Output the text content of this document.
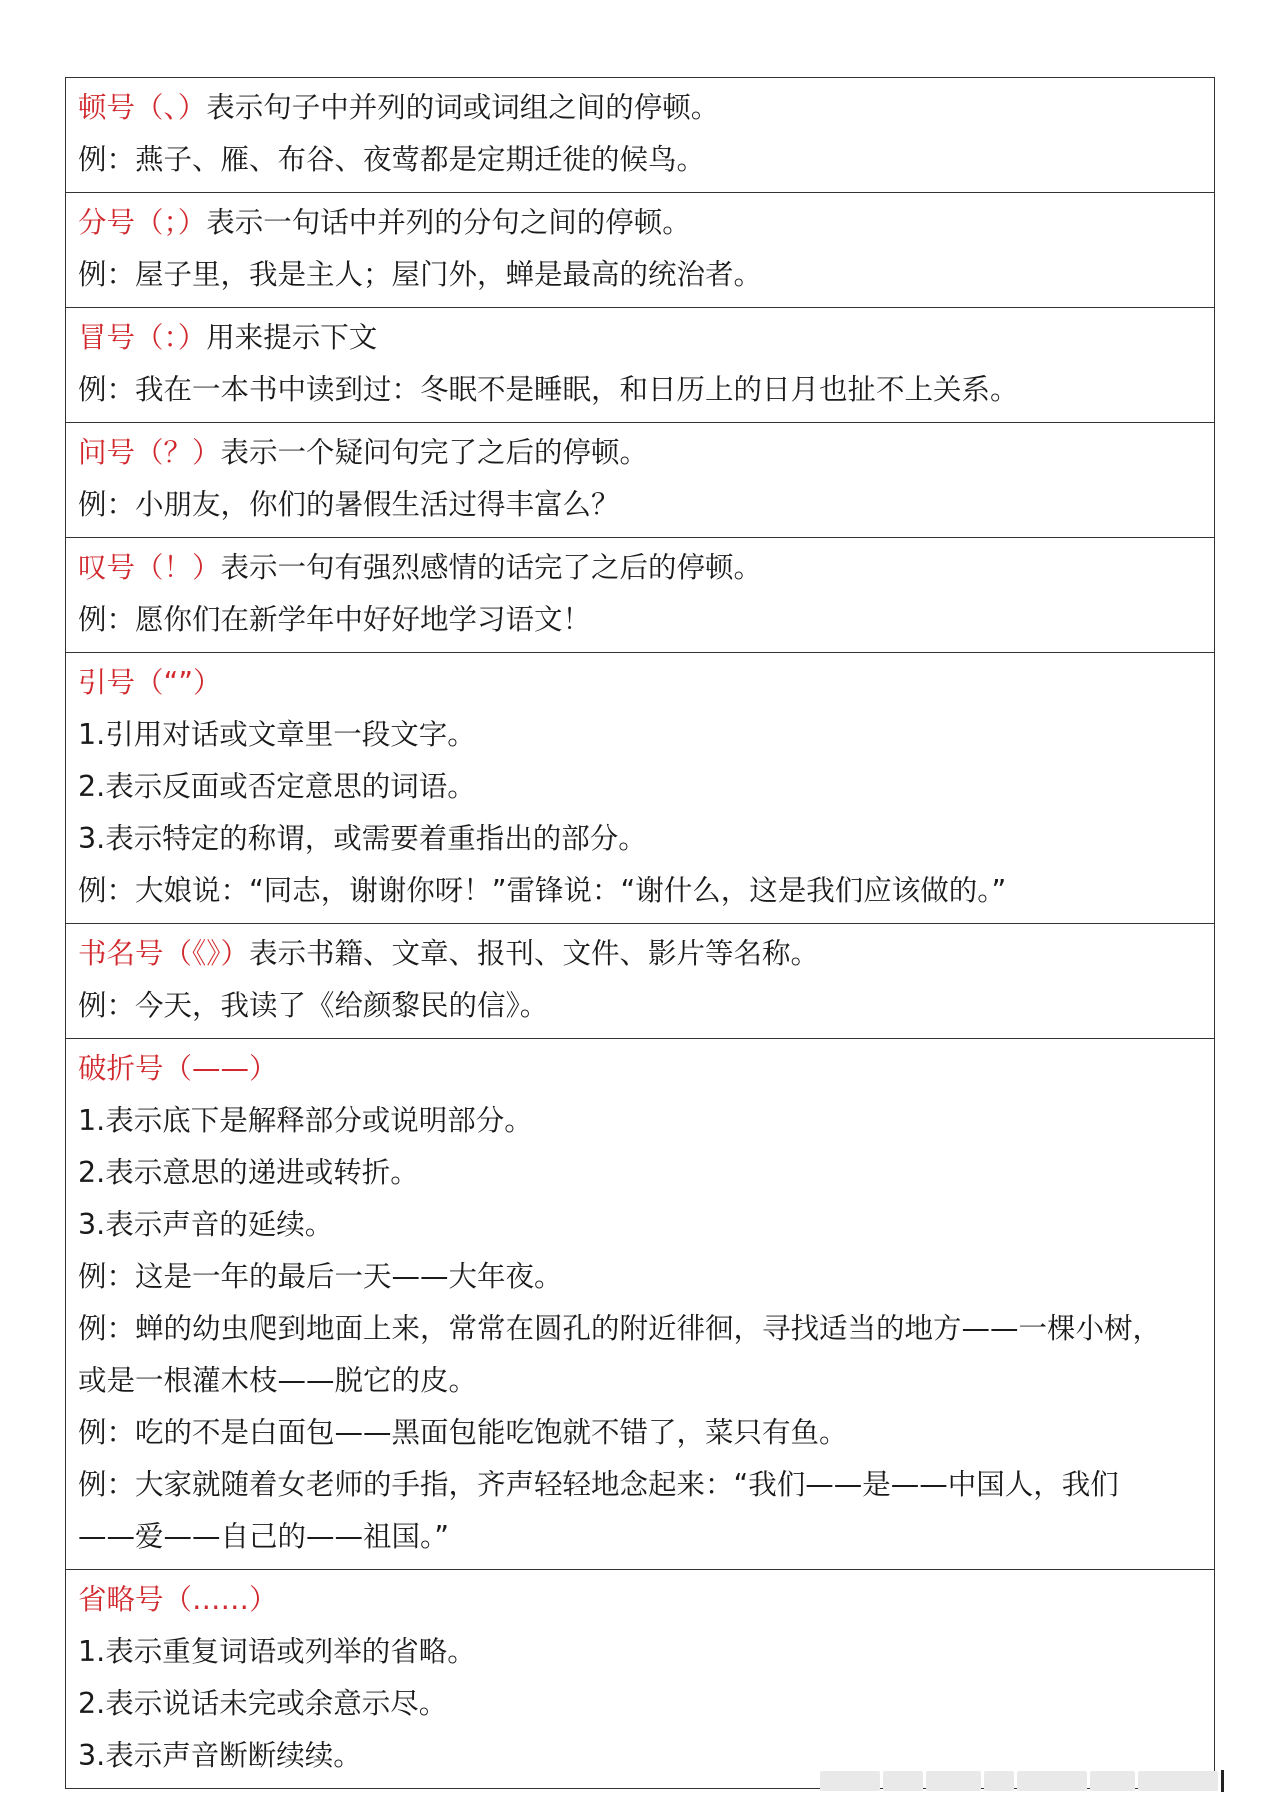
顿号（、）表示句子中并列的词或词组之间的停顿。
例：燕子、雁、布谷、夜莺都是定期迁徙的候鸟。
分号（；）表示一句话中并列的分句之间的停顿。
例：屋子里，我是主人；屋门外，蝉是最高的统治者。
冒号（：）用来提示下文
例：我在一本书中读到过：冬眠不是睡眠，和日历上的日月也扯不上关系。
问号（？）表示一个疑问句完了之后的停顿。
例：小朋友，你们的暑假生活过得丰富么？
叹号（！）表示一句有强烈感情的话完了之后的停顿。
例：愿你们在新学年中好好地学习语文！
引号（“”）
1.引用对话或文章里一段文字。
2.表示反面或否定意思的词语。
3.表示特定的称谓，或需要着重指出的部分。
例：大娘说：“同志，谢谢你呀！”雷锋说：“谢什么，这是我们应该做的。”
书名号（《》）表示书籍、文章、报刊、文件、影片等名称。
例：今天，我读了《给颜黎民的信》。
破折号（——）
1.表示底下是解释部分或说明部分。
2.表示意思的递进或转折。
3.表示声音的延续。
例：这是一年的最后一天——大年夜。
例：蝉的幼虫爬到地面上来，常常在圆孔的附近徘徊，寻找适当的地方——一棵小树，
或是一根灌木枝——脱它的皮。
例：吃的不是白面包——黑面包能吃饱就不错了，菜只有鱼。
例：大家就随着女老师的手指，齐声轻轻地念起来：“我们——是——中国人，我们
——爱——自己的——祖国。”
省略号（……）
1.表示重复词语或列举的省略。
2.表示说话未完或余意示尽。
3.表示声音断断续续。
